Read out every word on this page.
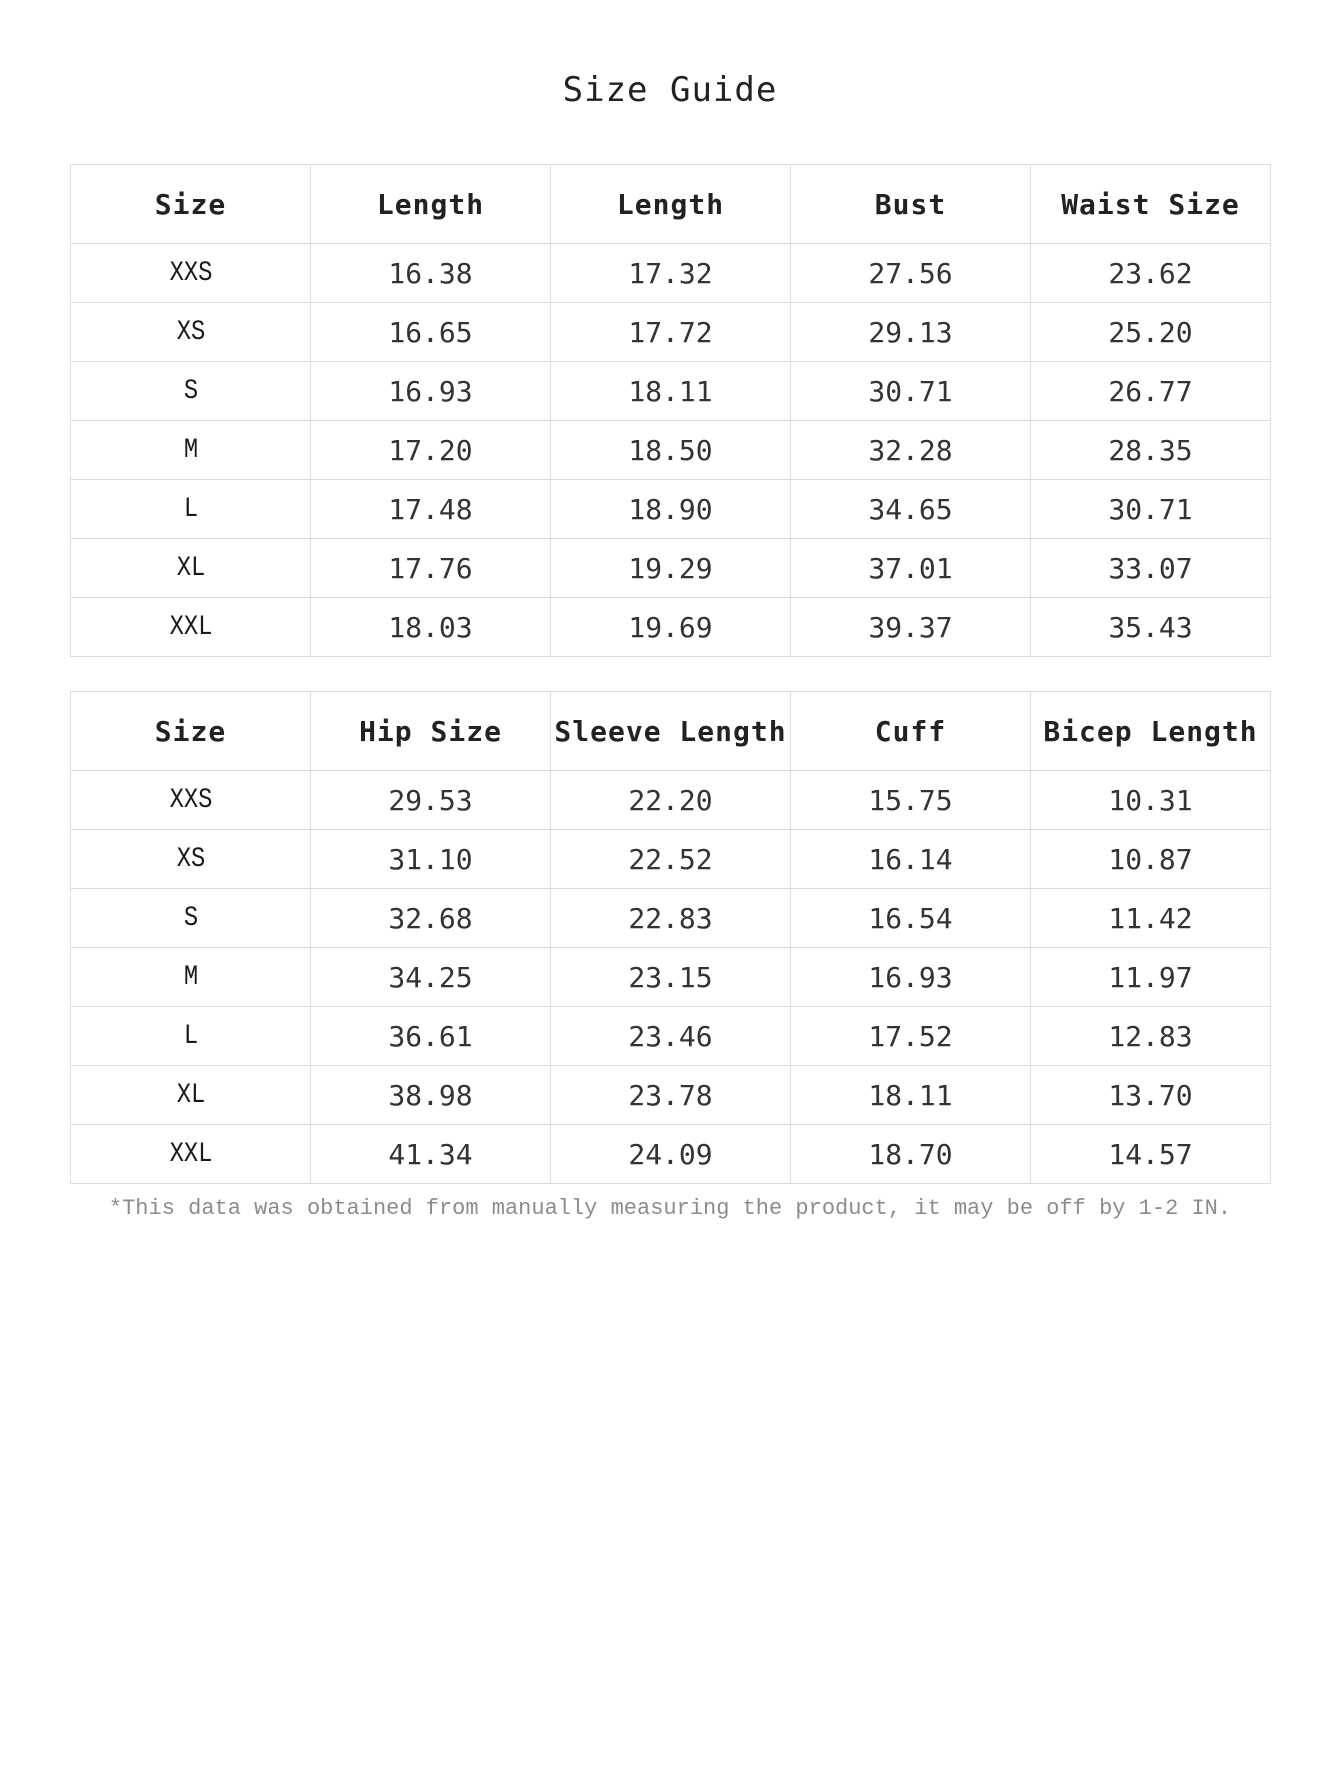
Size Guide
Size	Length	Length	Bust	Waist Size
XXS	16.38	17.32	27.56	23.62
XS	16.65	17.72	29.13	25.20
S	16.93	18.11	30.71	26.77
M	17.20	18.50	32.28	28.35
L	17.48	18.90	34.65	30.71
XL	17.76	19.29	37.01	33.07
XXL	18.03	19.69	39.37	35.43
Size	Hip Size	Sleeve Length	Cuff	Bicep Length
XXS	29.53	22.20	15.75	10.31
XS	31.10	22.52	16.14	10.87
S	32.68	22.83	16.54	11.42
M	34.25	23.15	16.93	11.97
L	36.61	23.46	17.52	12.83
XL	38.98	23.78	18.11	13.70
XXL	41.34	24.09	18.70	14.57
*This data was obtained from manually measuring the product, it may be off by 1-2 IN.
